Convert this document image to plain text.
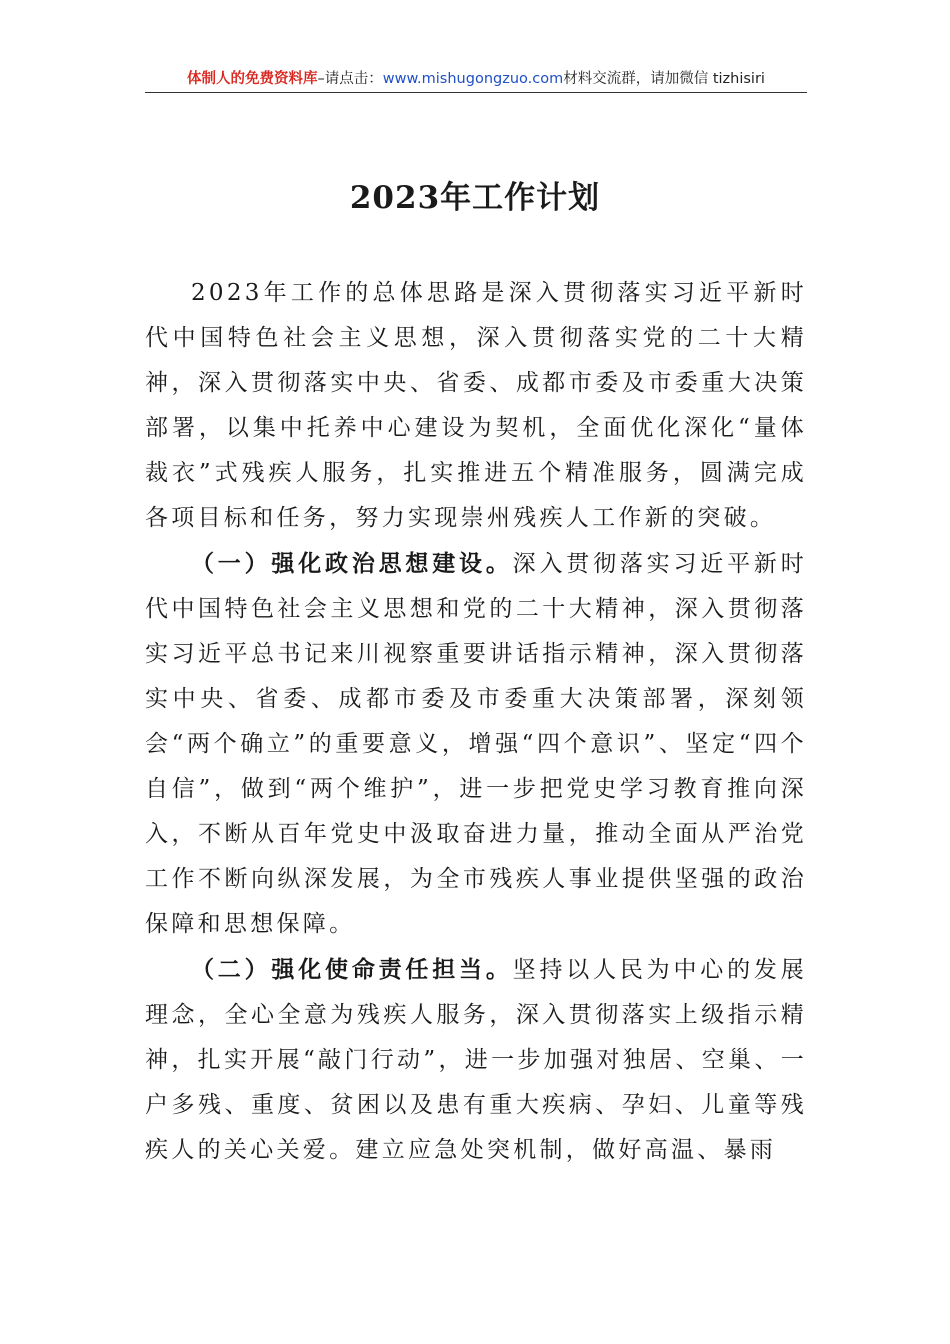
体制人的免费资料库–请点击：www.mishugongzuo.com材料交流群，请加微信 tizhisiri
2023年工作计划

2023年工作的总体思路是深入贯彻落实习近平新时代中国特色社会主义思想，深入贯彻落实党的二十大精神，深入贯彻落实中央、省委、成都市委及市委重大决策部署，以集中托养中心建设为契机，全面优化深化“量体裁衣”式残疾人服务，扎实推进五个精准服务，圆满完成各项目标和任务，努力实现崇州残疾人工作新的突破。

（一）强化政治思想建设。深入贯彻落实习近平新时代中国特色社会主义思想和党的二十大精神，深入贯彻落实习近平总书记来川视察重要讲话指示精神，深入贯彻落实中央、省委、成都市委及市委重大决策部署，深刻领会“两个确立”的重要意义，增强“四个意识”、坚定“四个自信”，做到“两个维护”，进一步把党史学习教育推向深入，不断从百年党史中汲取奋进力量，推动全面从严治党工作不断向纵深发展，为全市残疾人事业提供坚强的政治保障和思想保障。

（二）强化使命责任担当。坚持以人民为中心的发展理念，全心全意为残疾人服务，深入贯彻落实上级指示精神，扎实开展“敲门行动”，进一步加强对独居、空巢、一户多残、重度、贫困以及患有重大疾病、孕妇、儿童等残疾人的关心关爱。建立应急处突机制，做好高温、暴雨
